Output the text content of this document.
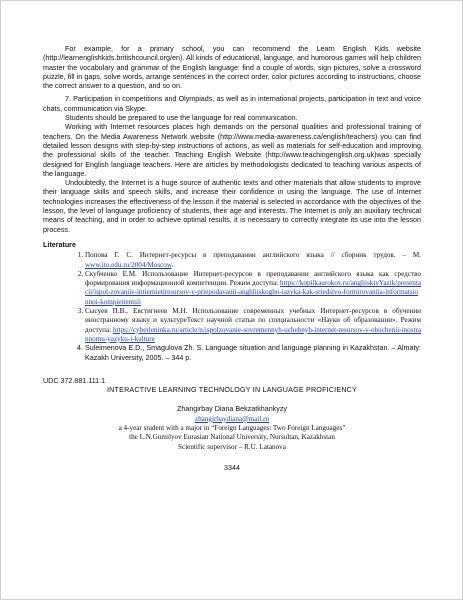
For example, for a primary school, you can recommend the Learn English Kids website (http://learnenglishkids.britishcouncil.org/en). All kinds of educational, language, and humorous games will help children master the vocabulary and grammar of the English language: find a couple of words, sign pictures, solve a crossword puzzle, fill in gaps, solve words, arrange sentences in the correct order, color pictures according to instructions, choose the correct answer to a question, and so on.

7. Participation in competitions and Olympiads, as well as in international projects, participation in text and voice chats, communication via Skype.

Students should be prepared to use the language for real communication.

Working with Internet resources places high demands on the personal qualities and professional training of teachers. On the Media Awareness Network website (http://www.media-awareness.ca/english/teachers) you can find detailed lesson designs with step-by-step instructions of actions, as well as materials for self-education and improving the professional skills of the teacher. Teaching English Website (http://www.teachingenglish.org.uk)was specially designed for English language teachers. Here are articles by methodologists dedicated to teaching various aspects of the language.

Undoubtedly, the Internet is a huge source of authentic texts and other materials that allow students to improve their language skills and speech skills, and increase their confidence in using the language. The use of Internet technologies increases the effectiveness of the lesson if the material is selected in accordance with the objectives of the lesson, the level of language proficiency of students, their age and interests. The Internet is only an auxiliary technical means of teaching, and in order to achieve optimal results, it is necessary to correctly integrate its use into the lesson process.

Literature

1. Попова Г. С. Интернет-ресурсы в преподавании английского языка // сборник трудов. – М. www.ito.edu.ru/2004/Moscow.
2. Скубченко Е.М. Использование Интернет-ресурсов в преподавании английского языка как средство формирования информационной компетенции. Режим доступа: https://kopilkaurokov.ru/angliiskiyYazik/presentacii/ispol-zovaniie-intiernietiresursov-v-priepodavanii-anghliiskogho-iazyka-kak-sriedstvo-formirovaniia-informatsionnoi-kompietientsii
3. Сысуев П.В., Евстигнеев М.Н. Использование современных учебных Интернет-ресурсов в обучении иностранному языку и культуреТекст научной статьи по специальности «Науки об образовании». Режим доступа: https://cyberleninka.ru/article/n/ispolzovanie-sovremennyh-uchebnyh-internet-resursov-v-obuchenii-inostrannomu-yazyku-i-kulture
4. Suleimenova E.D., Smagulova Zh. S. Language situation and language planning in Kazakhstan. – Almaty: Kazakh University, 2005. – 344 p.

UDC 372.881.111.1

INTERACTIVE LEARNING TECHNOLOGY IN LANGUAGE PROFICIENCY

Zhangirbay Diana Bekzatkhankyzy
zhangirbaydiana@mail.ru
a 4-year student with a major in “Foreign Languages: Two Foreign Languages”
the L.N.Gumilyov Eurasian National University, Nursultan, Kazakhstan
Scientific supervisor – R.U. Latanova
3344
